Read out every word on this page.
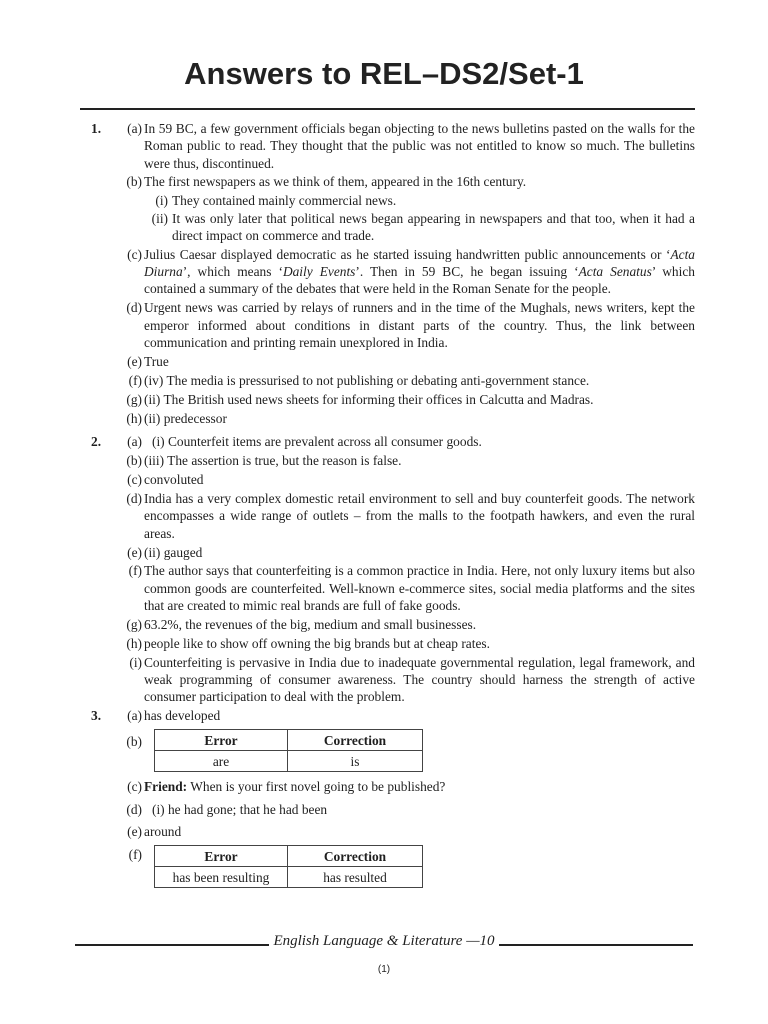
Answers to REL–DS2/Set-1
1.	(a) In 59 BC, a few government officials began objecting to the news bulletins pasted on the walls for the Roman public to read. They thought that the public was not entitled to know so much. The bulletins were thus, discontinued.
(b) The first newspapers as we think of them, appeared in the 16th century.
(i) They contained mainly commercial news.
(ii) It was only later that political news began appearing in newspapers and that too, when it had a direct impact on commerce and trade.
(c) Julius Caesar displayed democratic as he started issuing handwritten public announcements or ‘Acta Diurna’, which means ‘Daily Events’. Then in 59 BC, he began issuing ‘Acta Senatus’ which contained a summary of the debates that were held in the Roman Senate for the people.
(d) Urgent news was carried by relays of runners and in the time of the Mughals, news writers, kept the emperor informed about conditions in distant parts of the country. Thus, the link between communication and printing remain unexplored in India.
(e) True
(f) (iv) The media is pressurised to not publishing or debating anti-government stance.
(g) (ii) The British used news sheets for informing their offices in Calcutta and Madras.
(h) (ii) predecessor
2.	(a) (i) Counterfeit items are prevalent across all consumer goods.
(b) (iii) The assertion is true, but the reason is false.
(c) convoluted
(d) India has a very complex domestic retail environment to sell and buy counterfeit goods. The network encompasses a wide range of outlets – from the malls to the footpath hawkers, and even the rural areas.
(e) (ii) gauged
(f) The author says that counterfeiting is a common practice in India. Here, not only luxury items but also common goods are counterfeited. Well-known e-commerce sites, social media platforms and the sites that are created to mimic real brands are full of fake goods.
(g) 63.2%, the revenues of the big, medium and small businesses.
(h) people like to show off owning the big brands but at cheap rates.
(i) Counterfeiting is pervasive in India due to inadequate governmental regulation, legal framework, and weak programming of consumer awareness. The country should harness the strength of active consumer participation to deal with the problem.
3.	(a) has developed
(b)	Error	Correction
are	is
(c) Friend: When is your first novel going to be published?
(d) (i) he had gone; that he had been
(e) around
(f)	Error	Correction
has been resulting	has resulted
English Language & Literature —10
(1)
